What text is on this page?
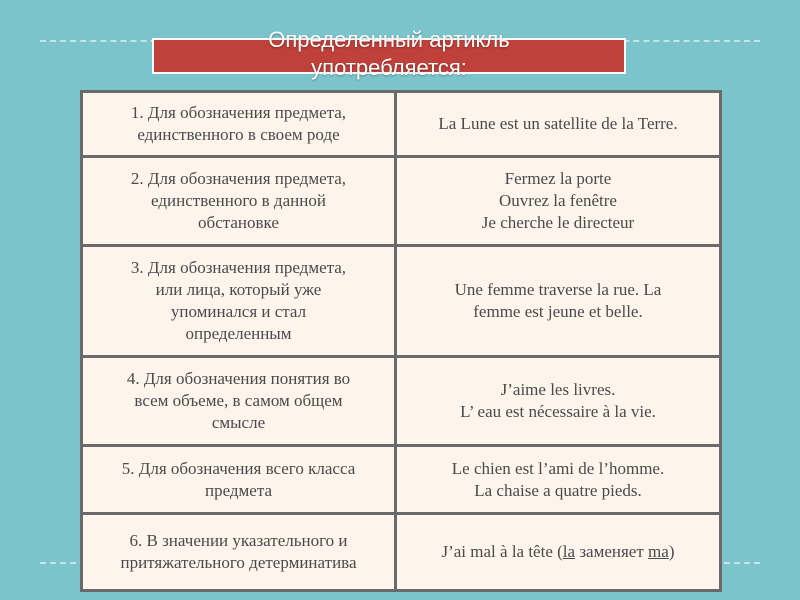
Определенный артикль
употребляется:
1. Для обозначения предмета,
единственного в своем роде
La Lune est un satellite de la Terre.
2. Для обозначения предмета,
единственного в данной
обстановке
Fermez la porte
Ouvrez la fenêtre
Je cherche le directeur
3. Для обозначения предмета,
или лица, который уже
упоминался и стал
определенным
Une femme traverse la rue. La
femme est jeune et belle.
4. Для обозначения понятия во
всем объеме, в самом общем
смысле
J’aime les livres.
L’ eau est nécessaire à la vie.
5. Для обозначения всего класса
предмета
Le chien est l’ami de l’homme.
La chaise a quatre pieds.
6. В значении указательного и
притяжательного детерминатива
J’ai mal à la tête (la заменяет ma)
